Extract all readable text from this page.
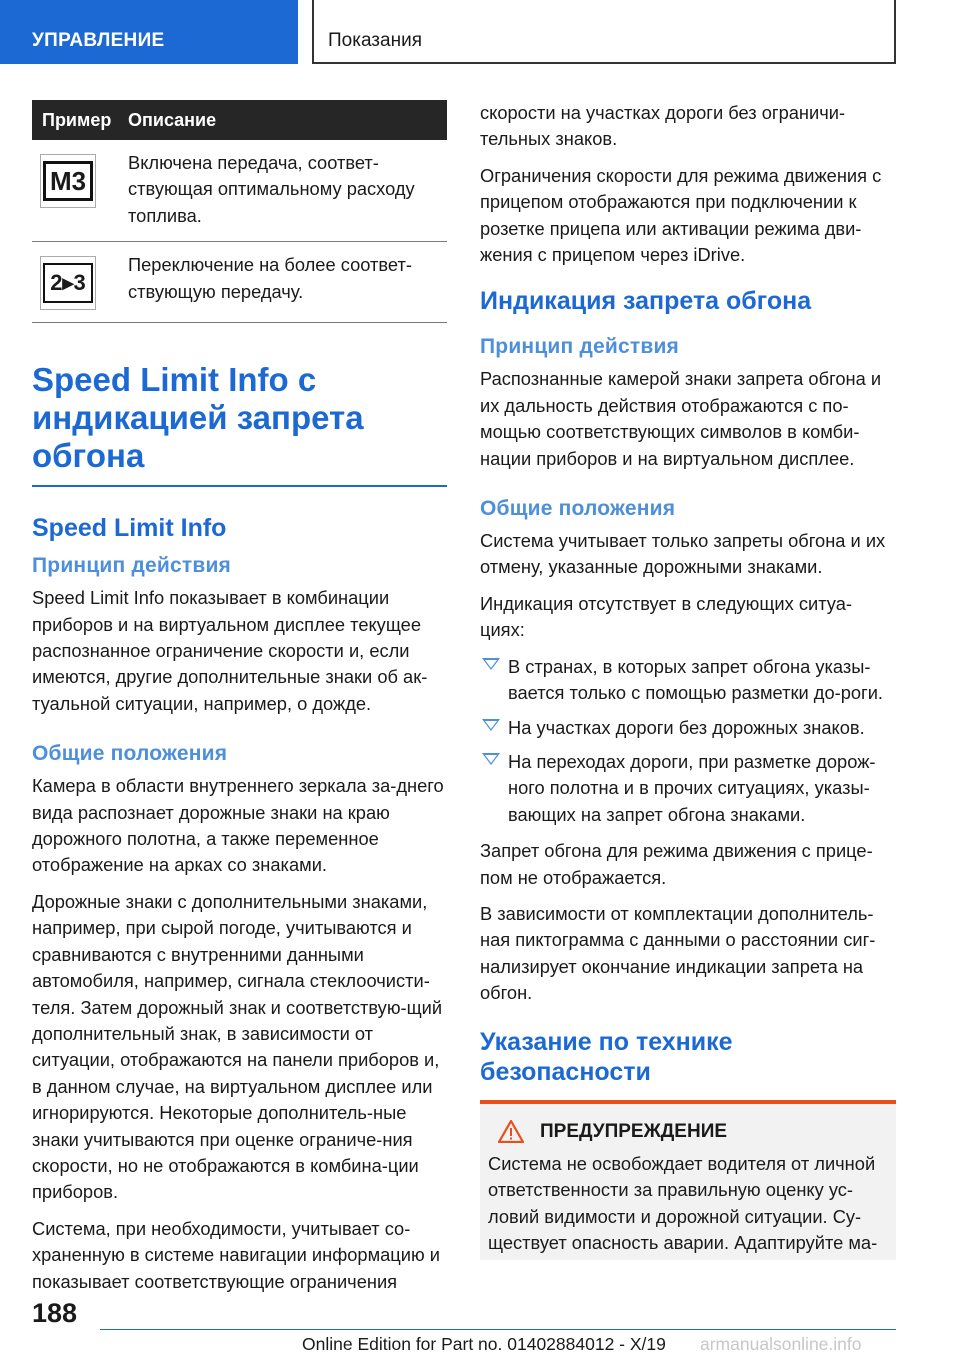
УПРАВЛЕНИЕ	Показания
Пример Описание
M3
Включена передача, соответ-ствующая оптимальному расходу топлива.
2▸3
Переключение на более соответ-ствующую передачу.
Speed Limit Info с индикацией запрета обгона
Speed Limit Info
Принцип действия

Speed Limit Info показывает в комбинации приборов и на виртуальном дисплее текущее распознанное ограничение скорости и, если имеются, другие дополнительные знаки об ак-туальной ситуации, например, о дожде.

Общие положения

Камера в области внутреннего зеркала за-днего вида распознает дорожные знаки на краю дорожного полотна, а также переменное отображение на арках со знаками.

Дорожные знаки с дополнительными знаками, например, при сырой погоде, учитываются и сравниваются с внутренними данными автомобиля, например, сигнала стеклоочисти-теля. Затем дорожный знак и соответствую-щий дополнительный знак, в зависимости от ситуации, отображаются на панели приборов и, в данном случае, на виртуальном дисплее или игнорируются. Некоторые дополнитель-ные знаки учитываются при оценке ограниче-ния скорости, но не отображаются в комбина-ции приборов.

Система, при необходимости, учитывает со-храненную в системе навигации информацию и показывает соответствующие ограничения

скорости на участках дороги без ограничи-тельных знаков.

Ограничения скорости для режима движения с прицепом отображаются при подключении к розетке прицепа или активации режима дви-жения с прицепом через iDrive.

Индикация запрета обгона
Принцип действия

Распознанные камерой знаки запрета обгона и их дальность действия отображаются с по-мощью соответствующих символов в комби-нации приборов и на виртуальном дисплее.

Общие положения

Система учитывает только запреты обгона и их отмену, указанные дорожными знаками.

Индикация отсутствует в следующих ситуа-циях:

В странах, в которых запрет обгона указы-вается только с помощью разметки до-роги.
На участках дороги без дорожных знаков.
На переходах дороги, при разметке дорож-ного полотна и в прочих ситуациях, указы-вающих на запрет обгона знаками.

Запрет обгона для режима движения с прице-пом не отображается.

В зависимости от комплектации дополнитель-ная пиктограмма с данными о расстоянии сиг-нализирует окончание индикации запрета на обгон.

Указание по технике безопасности
ПРЕДУПРЕЖДЕНИЕ

Система не освобождает водителя от личной ответственности за правильную оценку ус-ловий видимости и дорожной ситуации. Су-ществует опасность аварии. Адаптируйте ма-

188
Online Edition for Part no. 01402884012 - X/19 armanualsonline.info
